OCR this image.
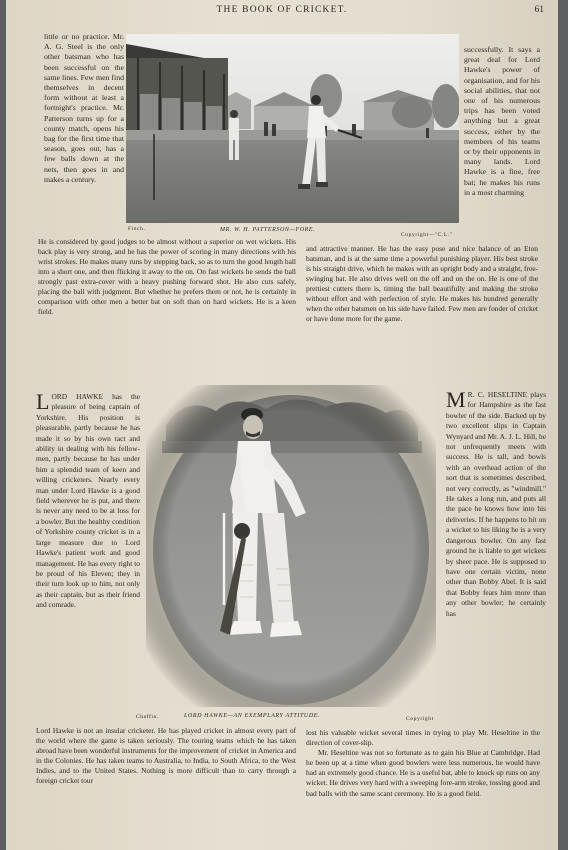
THE BOOK OF CRICKET.	61
Finch.	MR. W. H. PATTERSON—FORE.
Copyright—"C.L."

little or no practice. Mr. A. G. Steel is the only other batsman who has been successful on the same lines. Few men find themselves in decent form without at least a fortnight's practice. Mr. Patterson turns up for a county match, opens his bag for the first time that season, goes out, has a few balls down at the nets, then goes in and makes a century.

successfully. It says a great deal for Lord Hawke's power of organisation, and for his social abilities, that not one of his numerous trips has been voted anything but a great success, either by the members of his teams or by their opponents in many lands. Lord Hawke is a fine, free bat; he makes his runs in a most charming

He is considered by good judges to be almost without a superior on wet wickets. His back play is very strong, and he has the power of scoring in many directions with his wrist strokes. He makes many runs by stepping back, so as to turn the good length ball into a short one, and then flicking it away to the on. On fast wickets he sends the ball strongly past extra-cover with a heavy pushing forward shot. He also cuts safely, placing the ball with judgment. But whether he prefers them or not, he is certainly in comparison with other men a better bat on soft than on hard wickets. He is a keen field.

and attractive manner. He has the easy pose and nice balance of an Eton batsman, and is at the same time a powerful punishing player. His best stroke is his straight drive, which he makes with an upright body and a straight, free-swinging bat. He also drives well on the off and on the on. He is one of the prettiest cutters there is, timing the ball beautifully and making the stroke without effort and with perfection of style. He makes his hundred generally when the other batsmen on his side have failed. Few men are fonder of cricket or have done more for the game.

Chaffin.	LORD HAWKE—AN EXEMPLARY ATTITUDE.	Copyright

LORD HAWKE has the pleasure of being captain of Yorkshire. His position is pleasurable, partly because he has made it so by his own tact and ability in dealing with his fellow-men, partly because he has under him a splendid team of keen and willing cricketers. Nearly every man under Lord Hawke is a good field wherever he is put, and there is never any need to be at loss for a bowler. But the healthy condition of Yorkshire county cricket is in a large measure due to Lord Hawke's patient work and good management. He has every right to be proud of his Eleven; they in their turn look up to him, not only as their captain, but as their friend and comrade.

M R. C. HESELTINE plays for Hampshire as the fast bowler of the side. Backed up by two excellent slips in Captain Wynyard and Mr. A. J. L. Hill, he not unfrequently meets with success. He is tall, and bowls with an overhead action of the sort that is sometimes described, not very correctly, as "windmill." He takes a long run, and puts all the pace he knows how into his deliveries. If he happens to hit on a wicket to his liking he is a very dangerous bowler. On any fast ground he is liable to get wickets by sheer pace. He is supposed to have one certain victim, none other than Bobby Abel. It is said that Bobby fears him more than any other bowler; he certainly has

Lord Hawke is not an insular cricketer. He has played cricket in almost every part of the world where the game is taken seriously. The touring teams which he has taken abroad have been wonderful instruments for the improvement of cricket in America and in the Colonies. He has taken teams to Australia, to India, to South Africa, to the West Indies, and to the United States. Nothing is more difficult than to carry through a foreign cricket tour

lost his valuable wicket several times in trying to play Mr. Heseltine in the direction of cover-slip.

Mr. Heseltine was not so fortunate as to gain his Blue at Cambridge. Had he been up at a time when good bowlers were less numerous, he would have had an extremely good chance. He is a useful bat, able to knock up runs on any wicket. He drives very hard with a sweeping fore-arm stroke, tossing good and bad balls with the same scant ceremony. He is a good field.
